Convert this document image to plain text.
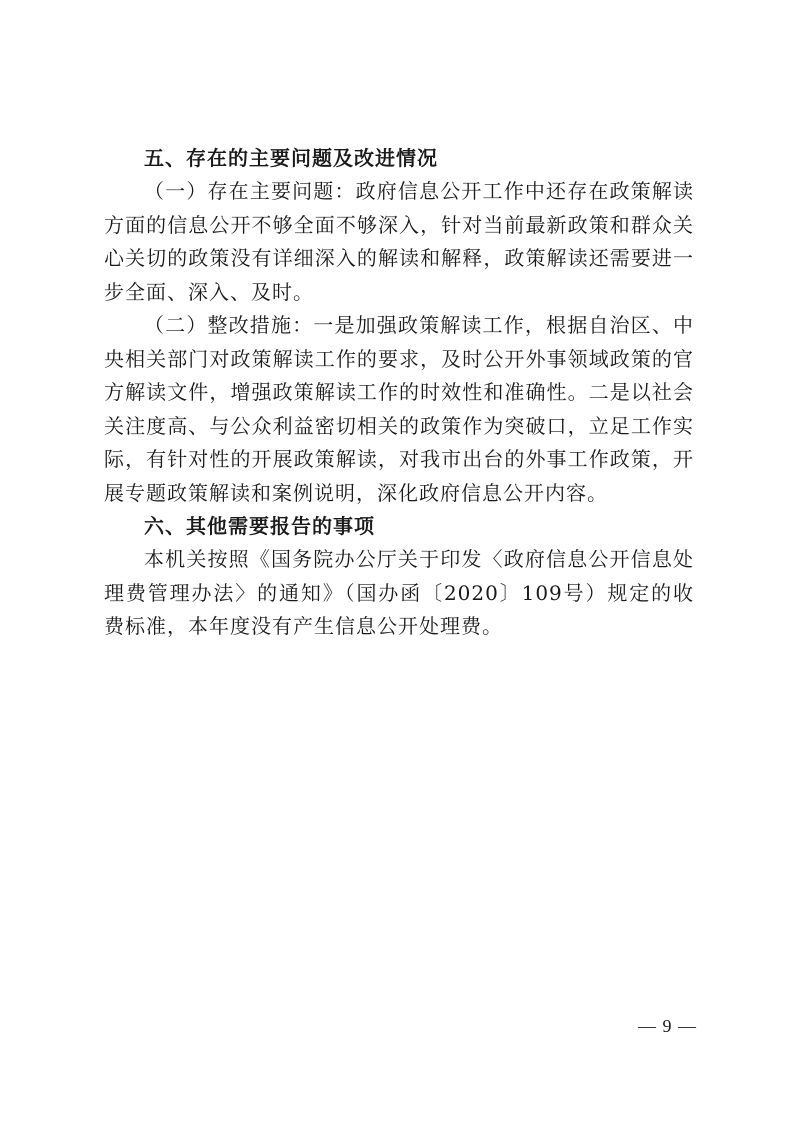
五、存在的主要问题及改进情况

（一）存在主要问题：政府信息公开工作中还存在政策解读方面的信息公开不够全面不够深入，针对当前最新政策和群众关心关切的政策没有详细深入的解读和解释，政策解读还需要进一步全面、深入、及时。

（二）整改措施：一是加强政策解读工作，根据自治区、中央相关部门对政策解读工作的要求，及时公开外事领域政策的官方解读文件，增强政策解读工作的时效性和准确性。二是以社会关注度高、与公众利益密切相关的政策作为突破口，立足工作实际，有针对性的开展政策解读，对我市出台的外事工作政策，开展专题政策解读和案例说明，深化政府信息公开内容。

六、其他需要报告的事项

本机关按照《国务院办公厅关于印发〈政府信息公开信息处理费管理办法〉的通知》（国办函〔2020〕109号）规定的收费标准，本年度没有产生信息公开处理费。

— 9 —
